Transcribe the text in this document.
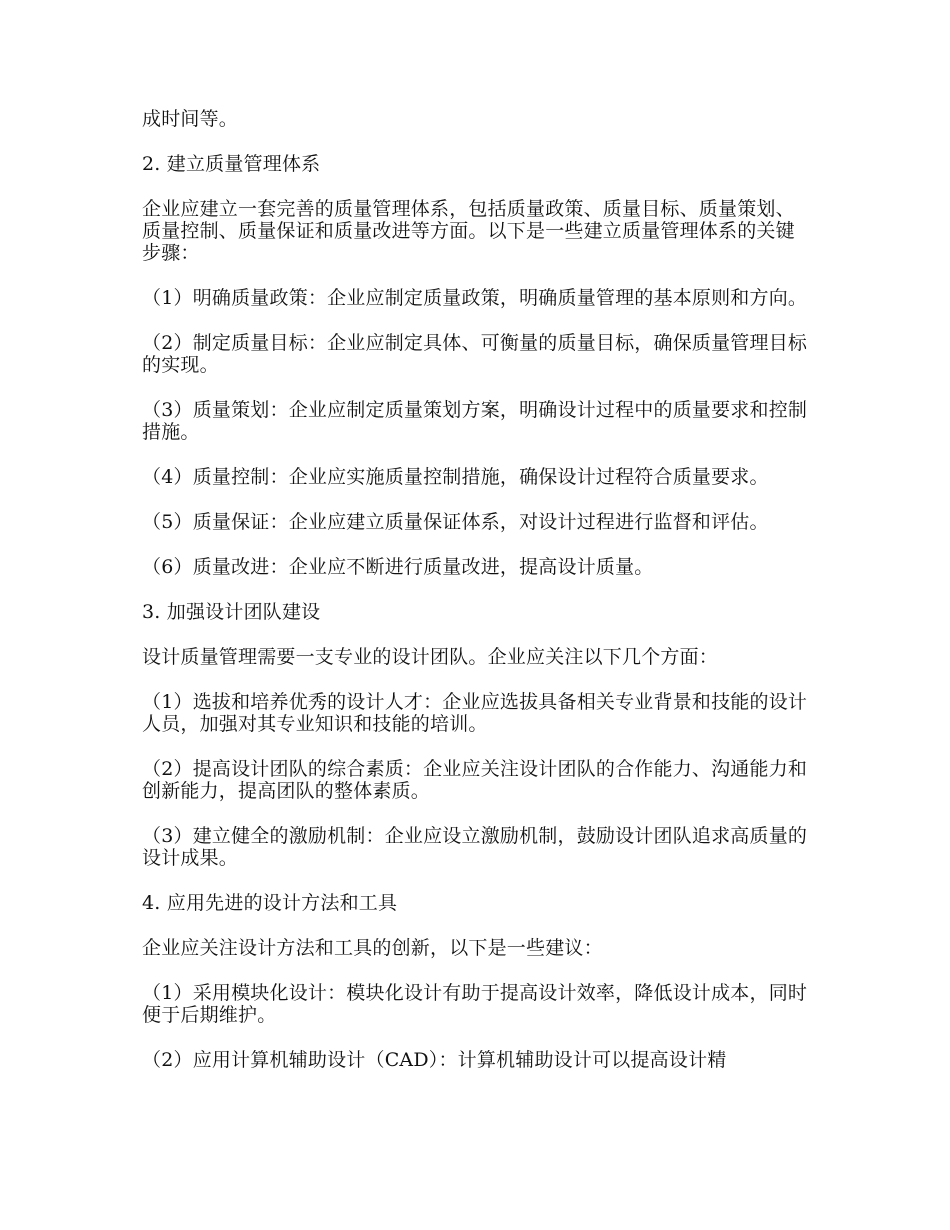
成时间等。

2. 建立质量管理体系

企业应建立一套完善的质量管理体系，包括质量政策、质量目标、质量策划、质量控制、质量保证和质量改进等方面。以下是一些建立质量管理体系的关键步骤：

（1）明确质量政策：企业应制定质量政策，明确质量管理的基本原则和方向。

（2）制定质量目标：企业应制定具体、可衡量的质量目标，确保质量管理目标的实现。

（3）质量策划：企业应制定质量策划方案，明确设计过程中的质量要求和控制措施。

（4）质量控制：企业应实施质量控制措施，确保设计过程符合质量要求。

（5）质量保证：企业应建立质量保证体系，对设计过程进行监督和评估。

（6）质量改进：企业应不断进行质量改进，提高设计质量。

3. 加强设计团队建设

设计质量管理需要一支专业的设计团队。企业应关注以下几个方面：

（1）选拔和培养优秀的设计人才：企业应选拔具备相关专业背景和技能的设计人员，加强对其专业知识和技能的培训。

（2）提高设计团队的综合素质：企业应关注设计团队的合作能力、沟通能力和创新能力，提高团队的整体素质。

（3）建立健全的激励机制：企业应设立激励机制，鼓励设计团队追求高质量的设计成果。

4. 应用先进的设计方法和工具

企业应关注设计方法和工具的创新，以下是一些建议：

（1）采用模块化设计：模块化设计有助于提高设计效率，降低设计成本，同时便于后期维护。

（2）应用计算机辅助设计（CAD）：计算机辅助设计可以提高设计精
